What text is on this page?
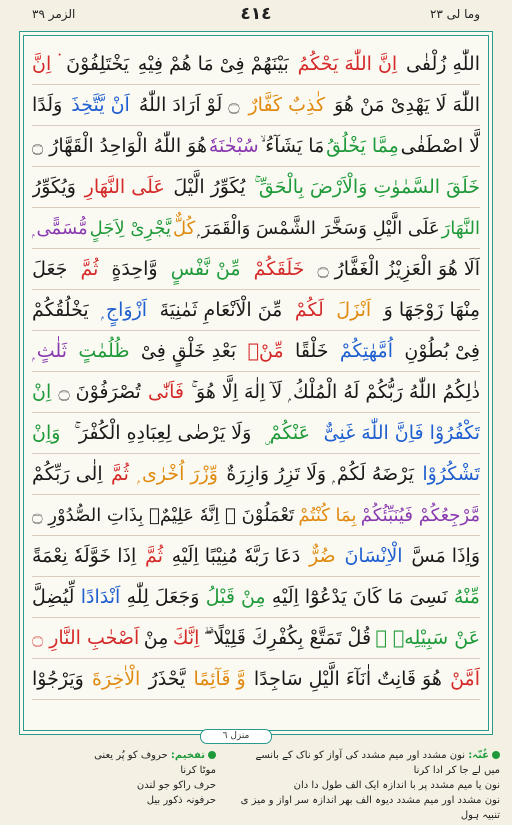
الزمر ٣٩	٤١٤	وما لی ٢٣
اللّٰهِ زُلْفٰی
اِنَّ اللّٰهَ يَحْكُمُ
بَيْنَهُمْ فِیْ مَا هُمْ فِيْهِ
يَخْتَلِفُوْنَ
۬ اِنَّ
اللّٰهَ لَا يَهْدِیْ مَنْ هُوَ
كٰذِبٌ كَفَّارٌ
۝ لَوْ اَرَادَ اللّٰهُ
اَنْ يَّتَّخِذَ
وَلَدًا
لَّا اصْطَفٰی
مِمَّا يَخْلُقُ
مَا يَشَآءُ ۙ
سُبْحٰنَهٗ
هُوَ اللّٰهُ الْوَاحِدُ الْقَهَّارُ ۝
خَلَقَ السَّمٰوٰتِ وَالْاَرْضَ بِالْحَقِّ ۚ
يُكَوِّرُ الَّيْلَ
عَلَی النَّهَارِ
وَيُكَوِّرُ
النَّهَارَ
عَلَی الَّيْلِ وَسَخَّرَ الشَّمْسَ وَالْقَمَرَ ۭ
كُلٌّ
يَّجْرِیْ لِاَجَلٍ
مُّسَمًّی ۭ
اَلَا هُوَ الْعَزِيْزُ الْغَفَّارُ ۝
خَلَقَكُمْ
مِّنْ نَّفْسٍ
وَّاحِدَةٍ
ثُمَّ
جَعَلَ
مِنْهَا زَوْجَهَا وَ
اَنْزَلَ
لَكُمْ
مِّنَ الْاَنْعَامِ ثَمٰنِيَةَ
اَزْوَاجٍ ۭ
يَخْلُقُكُمْ
فِیْ بُطُوْنِ
اُمَّهٰتِكُمْ
خَلْقًا
مِّنْۢ
بَعْدِ خَلْقٍ فِیْ
ظُلُمٰتٍ
ثَلٰثٍ ۭ
ذٰلِكُمُ اللّٰهُ رَبُّكُمْ لَهُ الْمُلْكُ ۭ لَآ اِلٰهَ اِلَّا هُوَ ۚ
فَاَنّٰی
تُصْرَفُوْنَ ۝
اِنْ
تَكْفُرُوْا فَاِنَّ اللّٰهَ غَنِیٌّ
عَنْكُمْ ۣ
وَلَا يَرْضٰی لِعِبَادِهِ الْكُفْرَ ۚ
وَاِنْ
تَشْكُرُوْا
يَرْضَهُ لَكُمْ ۭ وَلَا تَزِرُ وَازِرَةٌ
وِّزْرَ اُخْرٰی ۭ
ثُمَّ
اِلٰی رَبِّكُمْ
مَّرْجِعُكُمْ فَيُنَبِّئُكُمْ
بِمَا كُنْتُمْ
تَعْمَلُوْنَ ۭ اِنَّهٗ عَلِيْمٌۢ بِذَاتِ الصُّدُوْرِ ۝
وَاِذَا مَسَّ
الْاِنْسَانَ
ضُرٌّ
دَعَا رَبَّهٗ مُنِيْبًا اِلَيْهِ
ثُمَّ
اِذَا خَوَّلَهٗ نِعْمَةً
مِّنْهُ
نَسِیَ مَا كَانَ يَدْعُوْٓا اِلَيْهِ
مِنْ قَبْلُ
وَجَعَلَ لِلّٰهِ
اَنْدَادًا
لِّيُضِلَّ
عَنْ سَبِيْلِهٖ ۭ
قُلْ تَمَتَّعْ بِكُفْرِكَ قَلِيْلًا ۤ ۖ
اِنَّكَ
مِنْ
اَصْحٰبِ النَّارِ ۝
اَمَّنْ
هُوَ قَانِتٌ اٰنَآءَ الَّيْلِ سَاجِدًا
وَّ قَآئِمًا
يَّحْذَرُ
الْاٰخِرَةَ
وَيَرْجُوْا
منزل ٦
تفخیم: حروف کو پُر یعنی موٹا کرنا
حرف راکو جو لندن
حرفونہ ذکور بیل
غُنّہ: نون مشدد اور میم مشدد کی آواز کو ناک کے بانسے میں لے جا کر ادا کرنا
نون یا میم مشدد پر با اندازہ ایک الف طول دا دان
نون مشدد اور میم مشدد دیوہ الف بھر اندازہ سر اواز و میز ی تنبیہ ہول
